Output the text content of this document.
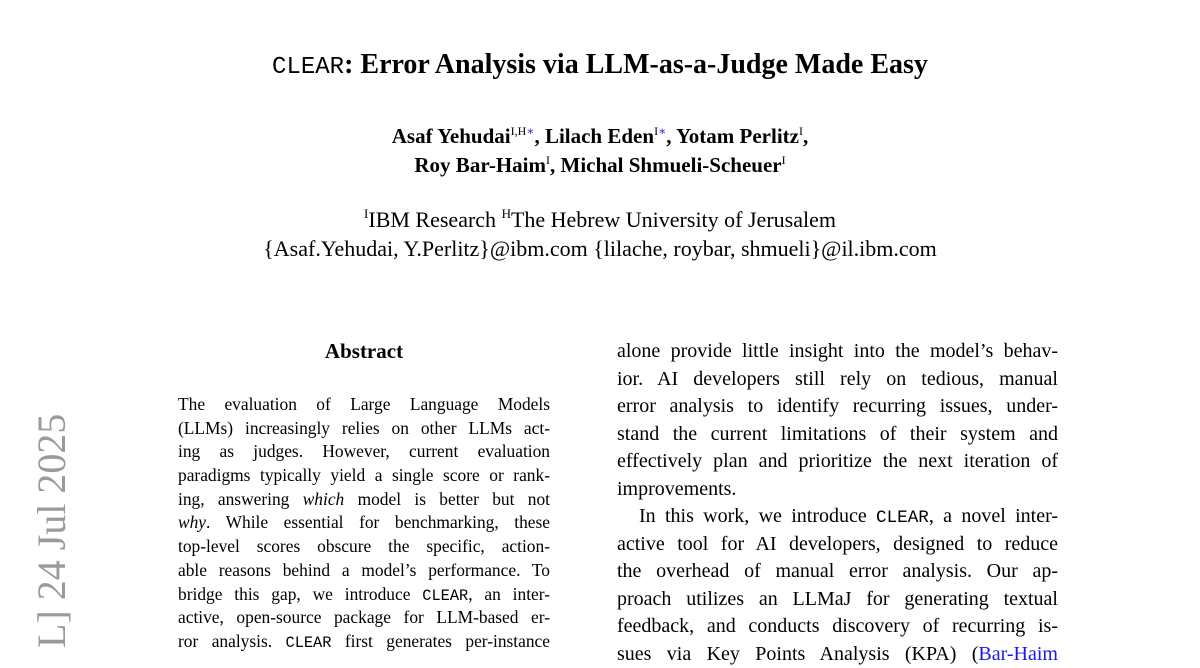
CLEAR: Error Analysis via LLM-as-a-Judge Made Easy
Asaf Yehudai$^{I,H∗}$, Lilach Eden$^{I∗}$, Yotam Perlitz$^I$,
Roy Bar-Haim$^I$, Michal Shmueli-Scheuer$^I$
$^I$IBM Research $^H$The Hebrew University of Jerusalem
{Asaf.Yehudai, Y.Perlitz}@ibm.com {lilache, roybar, shmueli}@il.ibm.com
L] 24 Jul 2025
Abstract
The evaluation of Large Language Models
(LLMs) increasingly relies on other LLMs act-
ing as judges. However, current evaluation
paradigms typically yield a single score or rank-
ing, answering which model is better but not
why. While essential for benchmarking, these
top-level scores obscure the specific, action-
able reasons behind a model’s performance. To
bridge this gap, we introduce CLEAR, an inter-
active, open-source package for LLM-based er-
ror analysis. CLEAR first generates per-instance
alone provide little insight into the model’s behav-
ior. AI developers still rely on tedious, manual
error analysis to identify recurring issues, under-
stand the current limitations of their system and
effectively plan and prioritize the next iteration of
improvements.
In this work, we introduce CLEAR, a novel inter-
active tool for AI developers, designed to reduce
the overhead of manual error analysis. Our ap-
proach utilizes an LLMaJ for generating textual
feedback, and conducts discovery of recurring is-
sues via Key Points Analysis (KPA) (Bar-Haim
